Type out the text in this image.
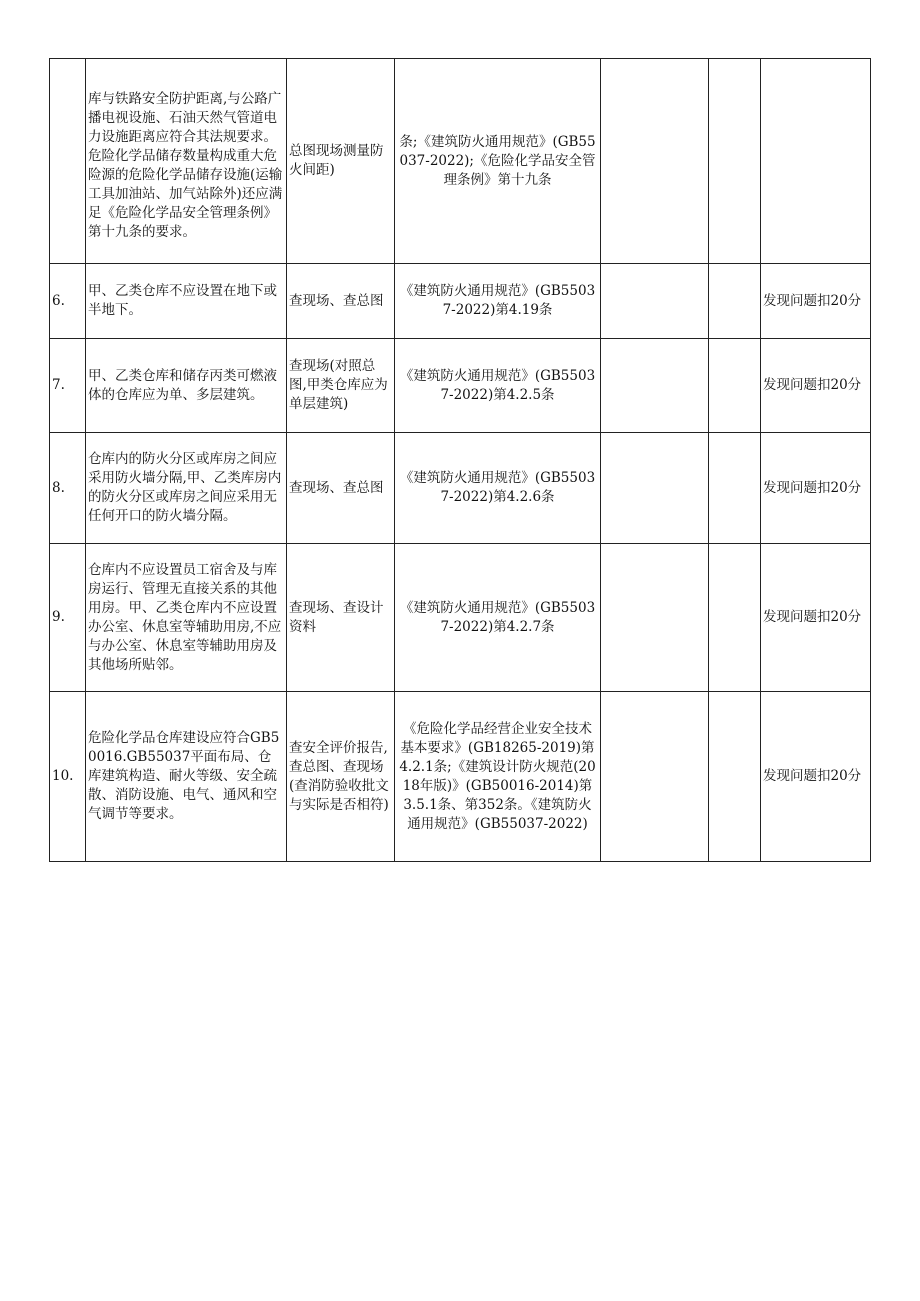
	库与铁路安全防护距离,与公路广播电视设施、石油天然气管道电力设施距离应符合其法规要求。危险化学品储存数量构成重大危险源的危险化学品储存设施(运输工具加油站、加气站除外)还应满足《危险化学品安全管理条例》第十九条的要求。	总图现场测量防火间距)	条;《建筑防火通用规范》(GB55037-2022);《危险化学品安全管理条例》第十九条			
6.	甲、乙类仓库不应设置在地下或半地下。	查现场、查总图	《建筑防火通用规范》(GB55037-2022)第4.19条			发现问题扣20分
7.	甲、乙类仓库和储存丙类可燃液体的仓库应为单、多层建筑。	查现场(对照总图,甲类仓库应为单层建筑)	《建筑防火通用规范》(GB55037-2022)第4.2.5条			发现问题扣20分
8.	仓库内的防火分区或库房之间应采用防火墙分隔,甲、乙类库房内的防火分区或库房之间应采用无任何开口的防火墙分隔。	查现场、查总图	《建筑防火通用规范》(GB55037-2022)第4.2.6条			发现问题扣20分
9.	仓库内不应设置员工宿舍及与库房运行、管理无直接关系的其他用房。甲、乙类仓库内不应设置办公室、休息室等辅助用房,不应与办公室、休息室等辅助用房及其他场所贴邻。	查现场、查设计资料	《建筑防火通用规范》(GB55037-2022)第4.2.7条			发现问题扣20分
10.	危险化学品仓库建设应符合GB50016.GB55037平面布局、仓库建筑构造、耐火等级、安全疏散、消防设施、电气、通风和空气调节等要求。	查安全评价报告,查总图、查现场(查消防验收批文与实际是否相符)	《危险化学品经营企业安全技术基本要求》(GB18265-2019)第4.2.1条;《建筑设计防火规范(2018年版)》(GB50016-2014)第3.5.1条、第352条。《建筑防火通用规范》(GB55037-2022)			发现问题扣20分
